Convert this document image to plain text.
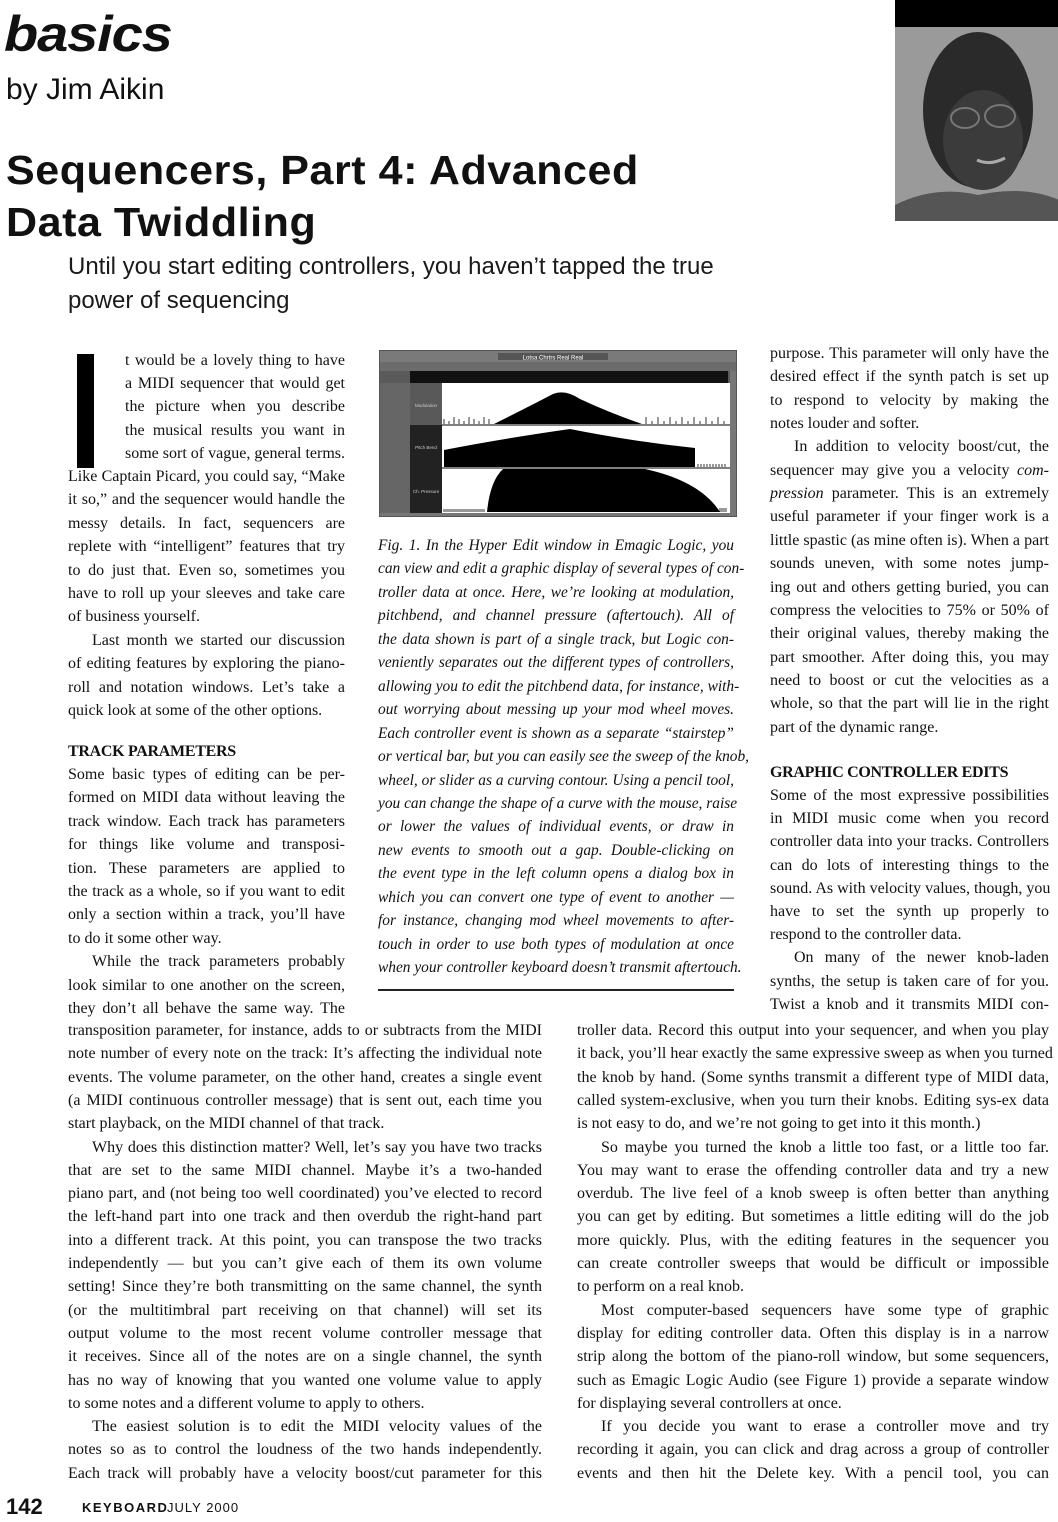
basics
by Jim Aikin
Sequencers, Part 4: Advanced
Data Twiddling
Until you start editing controllers, you haven’t tapped the true
power of sequencing
t would be a lovely thing to have
a MIDI sequencer that would get
the picture when you describe
the musical results you want in
some sort of vague, general terms.
Like Captain Picard, you could say, “Make
it so,” and the sequencer would handle the
messy details. In fact, sequencers are
replete with “intelligent” features that try
to do just that. Even so, sometimes you
have to roll up your sleeves and take care
of business yourself.
  Last month we started our discussion
of editing features by exploring the piano-
roll and notation windows. Let’s take a
quick look at some of the other options.
TRACK PARAMETERS
Some basic types of editing can be per-
formed on MIDI data without leaving the
track window. Each track has parameters
for things like volume and transposi-
tion. These parameters are applied to
the track as a whole, so if you want to edit
only a section within a track, you’ll have
to do it some other way.
  While the track parameters probably
look similar to one another on the screen,
they don’t all behave the same way. The
Lotsa Chrtrs Real Real
Modulation
Pitch Bend
Ch. Pressure
Fig. 1. In the Hyper Edit window in Emagic Logic, you
can view and edit a graphic display of several types of con-
troller data at once. Here, we’re looking at modulation,
pitchbend, and channel pressure (aftertouch). All of
the data shown is part of a single track, but Logic con-
veniently separates out the different types of controllers,
allowing you to edit the pitchbend data, for instance, with-
out worrying about messing up your mod wheel moves.
Each controller event is shown as a separate “stairstep”
or vertical bar, but you can easily see the sweep of the knob,
wheel, or slider as a curving contour. Using a pencil tool,
you can change the shape of a curve with the mouse, raise
or lower the values of individual events, or draw in
new events to smooth out a gap. Double-clicking on
the event type in the left column opens a dialog box in
which you can convert one type of event to another —
for instance, changing mod wheel movements to after-
touch in order to use both types of modulation at once
when your controller keyboard doesn’t transmit aftertouch.
purpose. This parameter will only have the
desired effect if the synth patch is set up
to respond to velocity by making the
notes louder and softer.
  In addition to velocity boost/cut, the
sequencer may give you a velocity com-
pression parameter. This is an extremely
useful parameter if your finger work is a
little spastic (as mine often is). When a part
sounds uneven, with some notes jump-
ing out and others getting buried, you can
compress the velocities to 75% or 50% of
their original values, thereby making the
part smoother. After doing this, you may
need to boost or cut the velocities as a
whole, so that the part will lie in the right
part of the dynamic range.
GRAPHIC CONTROLLER EDITS
Some of the most expressive possibilities
in MIDI music come when you record
controller data into your tracks. Controllers
can do lots of interesting things to the
sound. As with velocity values, though, you
have to set the synth up properly to
respond to the controller data.
  On many of the newer knob-laden
synths, the setup is taken care of for you.
Twist a knob and it transmits MIDI con-
transposition parameter, for instance, adds to or subtracts from the MIDI
note number of every note on the track: It’s affecting the individual note
events. The volume parameter, on the other hand, creates a single event
(a MIDI continuous controller message) that is sent out, each time you
start playback, on the MIDI channel of that track.
  Why does this distinction matter? Well, let’s say you have two tracks
that are set to the same MIDI channel. Maybe it’s a two-handed
piano part, and (not being too well coordinated) you’ve elected to record
the left-hand part into one track and then overdub the right-hand part
into a different track. At this point, you can transpose the two tracks
independently — but you can’t give each of them its own volume
setting! Since they’re both transmitting on the same channel, the synth
(or the multitimbral part receiving on that channel) will set its
output volume to the most recent volume controller message that
it receives. Since all of the notes are on a single channel, the synth
has no way of knowing that you wanted one volume value to apply
to some notes and a different volume to apply to others.
  The easiest solution is to edit the MIDI velocity values of the
notes so as to control the loudness of the two hands independently.
Each track will probably have a velocity boost/cut parameter for this
troller data. Record this output into your sequencer, and when you play
it back, you’ll hear exactly the same expressive sweep as when you turned
the knob by hand. (Some synths transmit a different type of MIDI data,
called system-exclusive, when you turn their knobs. Editing sys-ex data
is not easy to do, and we’re not going to get into it this month.)
  So maybe you turned the knob a little too fast, or a little too far.
You may want to erase the offending controller data and try a new
overdub. The live feel of a knob sweep is often better than anything
you can get by editing. But sometimes a little editing will do the job
more quickly. Plus, with the editing features in the sequencer you
can create controller sweeps that would be difficult or impossible
to perform on a real knob.
  Most computer-based sequencers have some type of graphic
display for editing controller data. Often this display is in a narrow
strip along the bottom of the piano-roll window, but some sequencers,
such as Emagic Logic Audio (see Figure 1) provide a separate window
for displaying several controllers at once.
  If you decide you want to erase a controller move and try
recording it again, you can click and drag across a group of controller
events and then hit the Delete key. With a pencil tool, you can
142	KEYBOARD
JULY 2000
